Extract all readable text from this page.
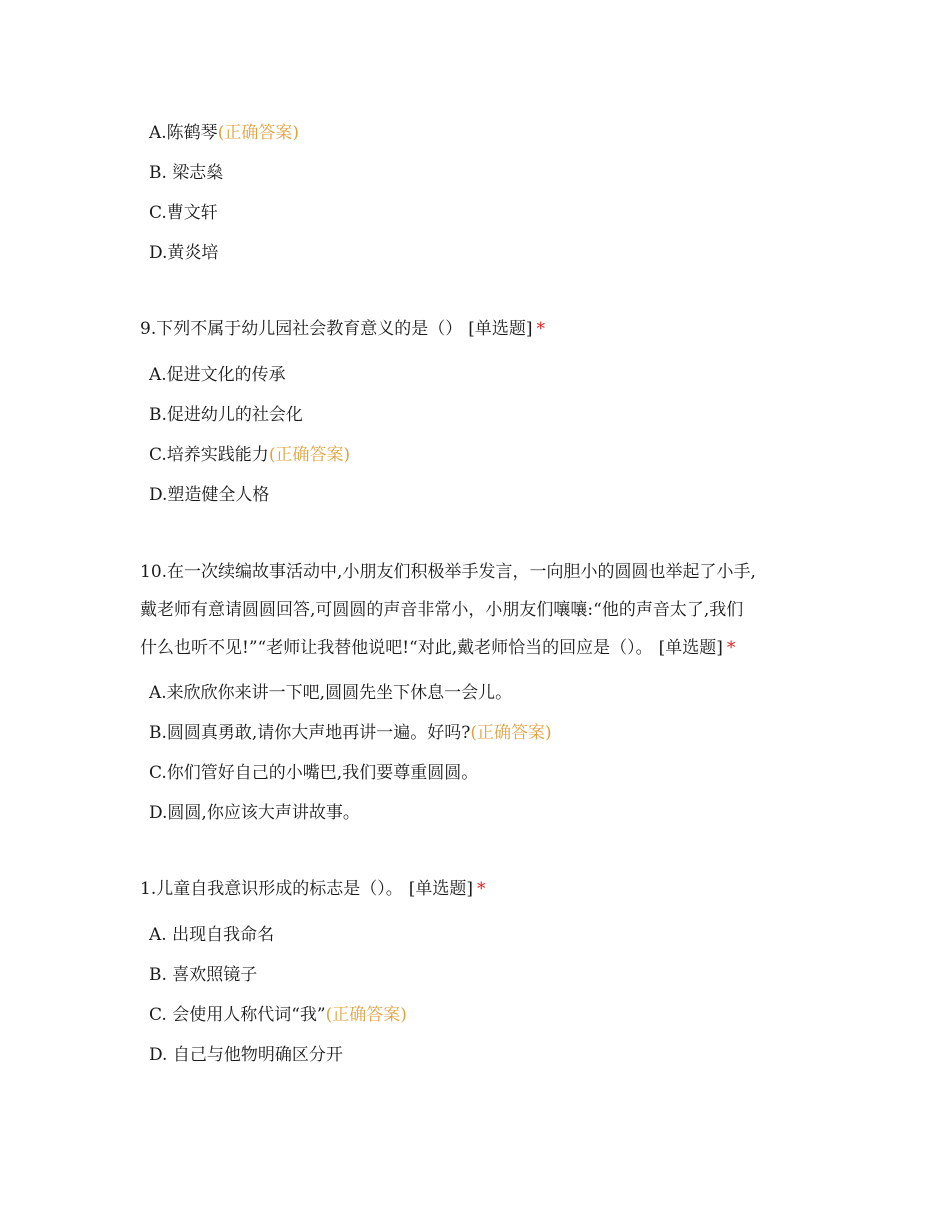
A.陈鹤琴(正确答案)

B. 梁志燊

C.曹文轩

D.黄炎培

9.下列不属于幼儿园社会教育意义的是（） [单选题] *

A.促进文化的传承

B.促进幼儿的社会化

C.培养实践能力(正确答案)

D.塑造健全人格

10.在一次续编故事活动中,小朋友们积极举手发言，一向胆小的圆圆也举起了小手,

戴老师有意请圆圆回答,可圆圆的声音非常小，小朋友们嚷嚷:“他的声音太了,我们

什么也听不见!”“老师让我替他说吧!“对此,戴老师恰当的回应是（）。 [单选题] *

A.来欣欣你来讲一下吧,圆圆先坐下休息一会儿。

B.圆圆真勇敢,请你大声地再讲一遍。好吗?(正确答案)

C.你们管好自己的小嘴巴,我们要尊重圆圆。

D.圆圆,你应该大声讲故事。

1.儿童自我意识形成的标志是（）。 [单选题] *

A. 出现自我命名

B. 喜欢照镜子

C. 会使用人称代词“我”(正确答案)

D. 自己与他物明确区分开
